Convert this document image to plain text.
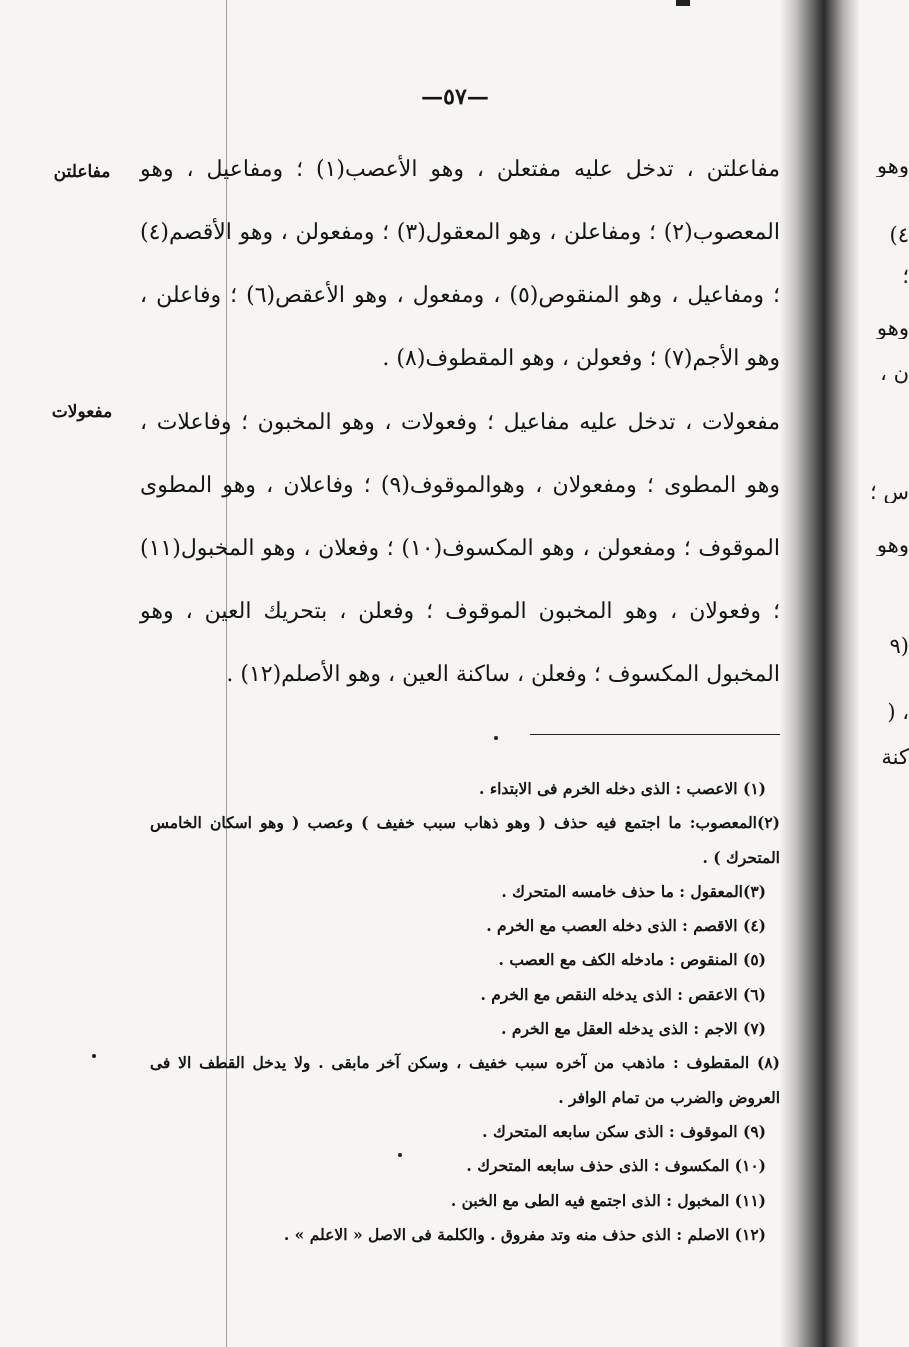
—٥٧—
مفاعلتن
مفعولات

مفاعلتن ، تدخل عليه مفتعلن ، وهو الأعصب(١) ؛ ومفاعيل ، وهو المعصوب(٢) ؛ ومفاعلن ، وهو المعقول(٣) ؛ ومفعولن ، وهو الأقصم(٤) ؛ ومفاعيل ، وهو المنقوص(٥) ، ومفعول ، وهو الأعقص(٦) ؛ وفاعلن ، وهو الأجم(٧) ؛ وفعولن ، وهو المقطوف(٨) .

مفعولات ، تدخل عليه مفاعيل ؛ وفعولات ، وهو المخبون ؛ وفاعلات ، وهو المطوى ؛ ومفعولان ، وهوالموقوف(٩) ؛ وفاعلان ، وهو المطوى الموقوف ؛ ومفعولن ، وهو المكسوف(١٠) ؛ وفعلان ، وهو المخبول(١١) ؛ وفعولان ، وهو المخبون الموقوف ؛ وفعلن ، بتحريك العين ، وهو المخبول المكسوف ؛ وفعلن ، ساكنة العين ، وهو الأصلم(١٢) .

(١) الاعصب : الذى دخله الخرم فى الابتداء .

(٢)المعصوب: ما اجتمع فيه حذف ( وهو ذهاب سبب خفيف ) وعصب ( وهو اسكان الخامس المتحرك ) .

(٣)المعقول : ما حذف خامسه المتحرك .

(٤) الاقصم : الذى دخله العصب مع الخرم .

(٥) المنقوص : مادخله الكف مع العصب .

(٦) الاعقص : الذى يدخله النقص مع الخرم .

(٧) الاجم : الذى يدخله العقل مع الخرم .

(٨) المقطوف : ماذهب من آخره سبب خفيف ، وسكن آخر مابقى . ولا يدخل القطف الا فى العروض والضرب من تمام الوافر .

(٩) الموقوف : الذى سكن سابعه المتحرك .

(١٠) المكسوف : الذى حذف سابعه المتحرك .

(١١) المخبول : الذى اجتمع فيه الطى مع الخبن .

(١٢) الاصلم : الذى حذف منه وتد مفروق . والكلمة فى الاصل « الاعلم » .

وهو
٤)
؛
وهو
ن ،
س ؛
وهو
(٩
، (
كنة
